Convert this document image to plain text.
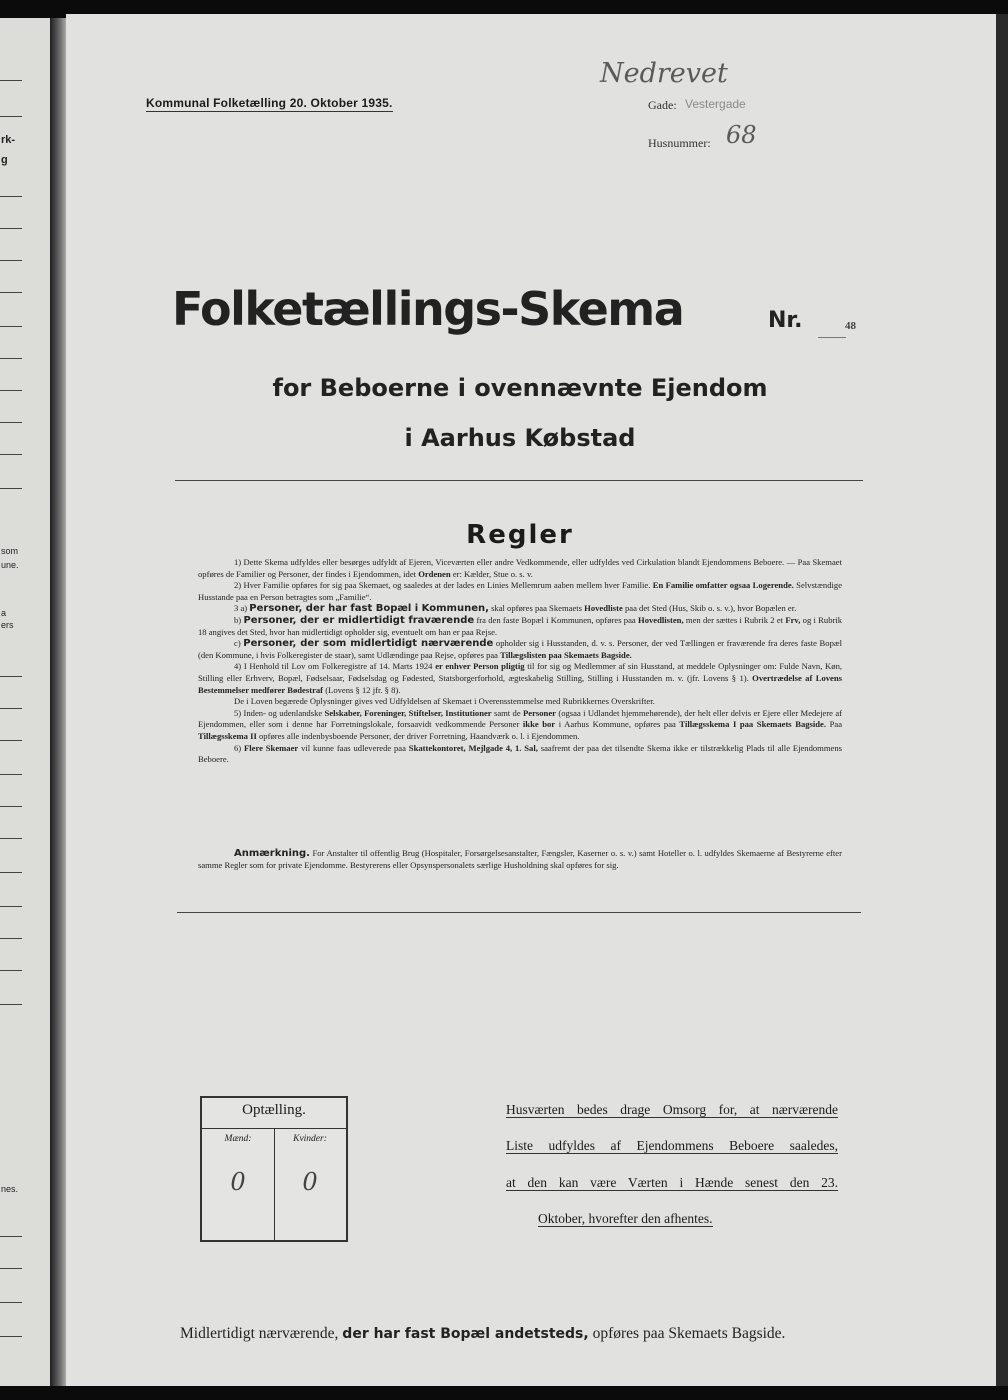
rk-
g
som
une.
a
ers
nes.
Kommunal Folketælling 20. Oktober 1935.
Nedrevet
Gade: Vestergade
Husnummer: 68
Folketællings-Skema	Nr.	48
for Beboerne i ovennævnte Ejendom
i Aarhus Købstad
Regler

1) Dette Skema udfyldes eller besørges udfyldt af Ejeren, Viceværten eller andre Vedkommende, eller udfyldes ved Cirkulation blandt Ejendommens Beboere. — Paa Skemaet opføres de Familier og Personer, der findes i Ejendommen, idet Ordenen er: Kælder, Stue o. s. v.

2) Hver Familie opføres for sig paa Skemaet, og saaledes at der lades en Linies Mellemrum aaben mellem hver Familie. En Familie omfatter ogsaa Logerende. Selvstændige Husstande paa en Person betragtes som „Familie“.

3 a) Personer, der har fast Bopæl i Kommunen, skal opføres paa Skemaets Hovedliste paa det Sted (Hus, Skib o. s. v.), hvor Bopælen er.

b) Personer, der er midlertidigt fraværende fra den faste Bopæl i Kommunen, opføres paa Hovedlisten, men der sættes i Rubrik 2 et Frv, og i Rubrik 18 angives det Sted, hvor han midlertidigt opholder sig, eventuelt om han er paa Rejse.

c) Personer, der som midlertidigt nærværende opholder sig i Husstanden, d. v. s. Personer, der ved Tællingen er fraværende fra deres faste Bopæl (den Kommune, i hvis Folkeregister de staar), samt Udlændinge paa Rejse, opføres paa Tillægslisten paa Skemaets Bagside.

4) I Henhold til Lov om Folkeregistre af 14. Marts 1924 er enhver Person pligtig til for sig og Medlemmer af sin Husstand, at meddele Oplysninger om: Fulde Navn, Køn, Stilling eller Erhverv, Bopæl, Fødselsaar, Fødselsdag og Fødested, Statsborgerforhold, ægteskabelig Stilling, Stilling i Husstanden m. v. (jfr. Lovens § 1). Overtrædelse af Lovens Bestemmelser medfører Bødestraf (Lovens § 12 jfr. § 8).

De i Loven begærede Oplysninger gives ved Udfyldelsen af Skemaet i Overensstemmelse med Rubrikkernes Overskrifter.

5) Inden- og udenlandske Selskaber, Foreninger, Stiftelser, Institutioner samt de Personer (ogsaa i Udlandet hjemmehørende), der helt eller delvis er Ejere eller Medejere af Ejendommen, eller som i denne har Forretningslokale, forsaavidt vedkommende Personer ikke bor i Aarhus Kommune, opføres paa Tillægsskema I paa Skemaets Bagside. Paa Tillægsskema II opføres alle indenbysboende Personer, der driver Forretning, Haandværk o. l. i Ejendommen.

6) Flere Skemaer vil kunne faas udleverede paa Skattekontoret, Mejlgade 4, 1. Sal, saafremt der paa det tilsendte Skema ikke er tilstrækkelig Plads til alle Ejendommens Beboere.

Anmærkning. For Anstalter til offentlig Brug (Hospitaler, Forsørgelsesanstalter, Fængsler, Kaserner o. s. v.) samt Hoteller o. l. udfyldes Skemaerne af Bestyrerne efter samme Regler som for private Ejendomme. Bestyrerens eller Opsynspersonalets særlige Husholdning skal opføres for sig.

Optælling.
Mænd:	Kvinder:
0	0
Husværten bedes drage Omsorg for, at nærværende
Liste udfyldes af Ejendommens Beboere saaledes,
at den kan være Værten i Hænde senest den 23.
Oktober, hvorefter den afhentes.
Midlertidigt nærværende, der har fast Bopæl andetsteds, opføres paa Skemaets Bagside.
